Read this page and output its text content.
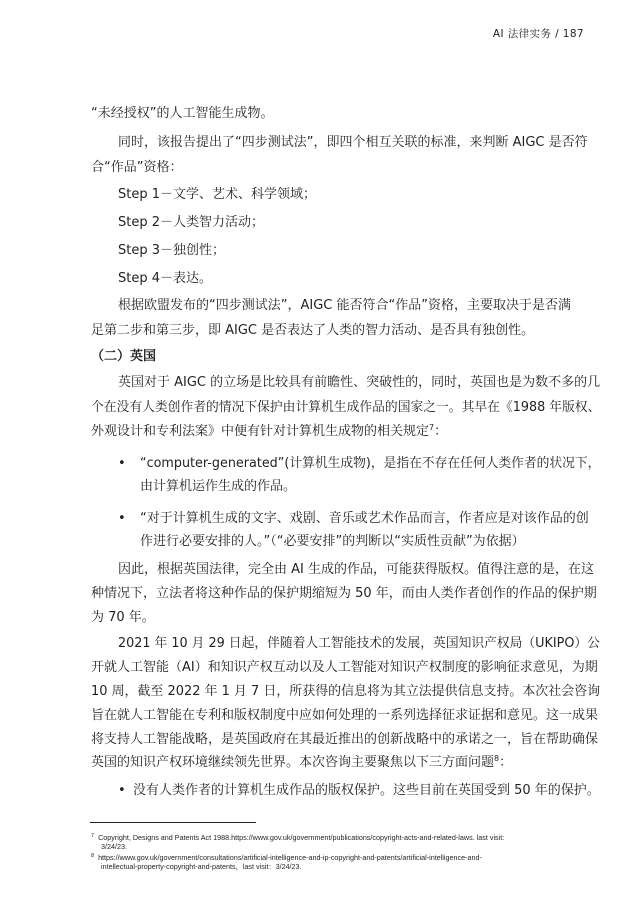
AI 法律实务 / 187
“未经授权”的人工智能生成物。
同时，该报告提出了“四步测试法”，即四个相互关联的标准，来判断 AIGC 是否符
合“作品”资格：
Step 1－文学、艺术、科学领域；
Step 2－人类智力活动；
Step 3－独创性；
Step 4－表达。
根据欧盟发布的“四步测试法”，AIGC 能否符合“作品”资格，主要取决于是否满
足第二步和第三步，即 AIGC 是否表达了人类的智力活动、是否具有独创性。
（二）英国
英国对于 AIGC 的立场是比较具有前瞻性、突破性的，同时，英国也是为数不多的几
个在没有人类创作者的情况下保护由计算机生成作品的国家之一。其早在《1988 年版权、
外观设计和专利法案》中便有针对计算机生成物的相关规定$^7$：
• “computer-generated”(计算机生成物)，是指在不存在任何人类作者的状况下，
由计算机运作生成的作品。
• “对于计算机生成的文字、戏剧、音乐或艺术作品而言，作者应是对该作品的创
作进行必要安排的人。”（“必要安排”的判断以“实质性贡献”为依据）
因此，根据英国法律，完全由 AI 生成的作品，可能获得版权。值得注意的是，在这
种情况下，立法者将这种作品的保护期缩短为 50 年，而由人类作者创作的作品的保护期
为 70 年。
2021 年 10 月 29 日起，伴随着人工智能技术的发展，英国知识产权局（UKIPO）公
开就人工智能（AI）和知识产权互动以及人工智能对知识产权制度的影响征求意见，为期
10 周，截至 2022 年 1 月 7 日，所获得的信息将为其立法提供信息支持。本次社会咨询
旨在就人工智能在专利和版权制度中应如何处理的一系列选择征求证据和意见。这一成果
将支持人工智能战略，是英国政府在其最近推出的创新战略中的承诺之一，旨在帮助确保
英国的知识产权环境继续领先世界。本次咨询主要聚焦以下三方面问题$^8$：
• 没有人类作者的计算机生成作品的版权保护。这些目前在英国受到 50 年的保护。
$^7$ Copyright, Designs and Patents Act 1988.https://www.gov.uk/government/publications/copyright-acts-and-related-laws. last visit:
3/24/23.
$^8$ https://www.gov.uk/government/consultations/artificial-intelligence-and-ip-copyright-and-patents/artificial-intelligence-and-
intellectual-property-copyright-and-patents，last visit：3/24/23.
